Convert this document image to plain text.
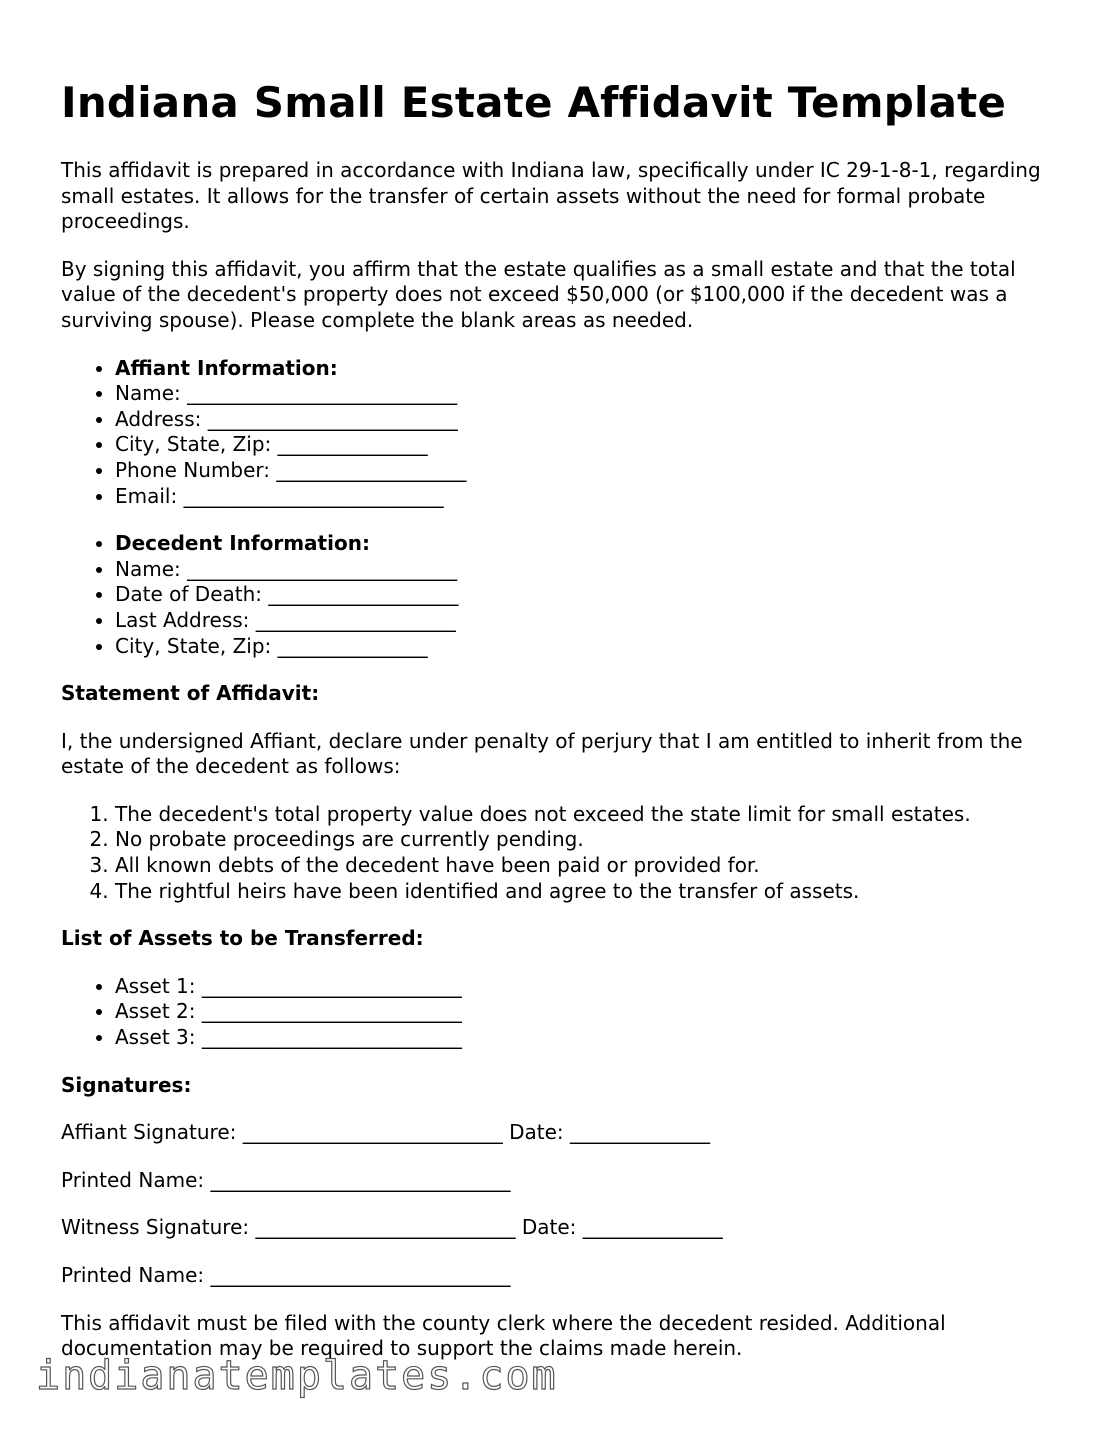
Indiana Small Estate Affidavit Template

This affidavit is prepared in accordance with Indiana law, specifically under IC 29-1-8-1, regarding small estates. It allows for the transfer of certain assets without the need for formal probate proceedings.

By signing this affidavit, you affirm that the estate qualifies as a small estate and that the total value of the decedent's property does not exceed $50,000 (or $100,000 if the decedent was a surviving spouse). Please complete the blank areas as needed.

• Affiant Information:
• Name: ___________________________
• Address: _________________________
• City, State, Zip: _______________
• Phone Number: ___________________
• Email: __________________________
• Decedent Information:
• Name: ___________________________
• Date of Death: ___________________
• Last Address: ____________________
• City, State, Zip: _______________
Statement of Affidavit:

I, the undersigned Affiant, declare under penalty of perjury that I am entitled to inherit from the estate of the decedent as follows:

1. The decedent's total property value does not exceed the state limit for small estates.
2. No probate proceedings are currently pending.
3. All known debts of the decedent have been paid or provided for.
4. The rightful heirs have been identified and agree to the transfer of assets.
List of Assets to be Transferred:
• Asset 1: __________________________
• Asset 2: __________________________
• Asset 3: __________________________
Signatures:
Affiant Signature: __________________________ Date: ______________
Printed Name: ______________________________
Witness Signature: __________________________ Date: ______________
Printed Name: ______________________________

This affidavit must be filed with the county clerk where the decedent resided. Additional documentation may be required to support the claims made herein.

indianatemplates.com
